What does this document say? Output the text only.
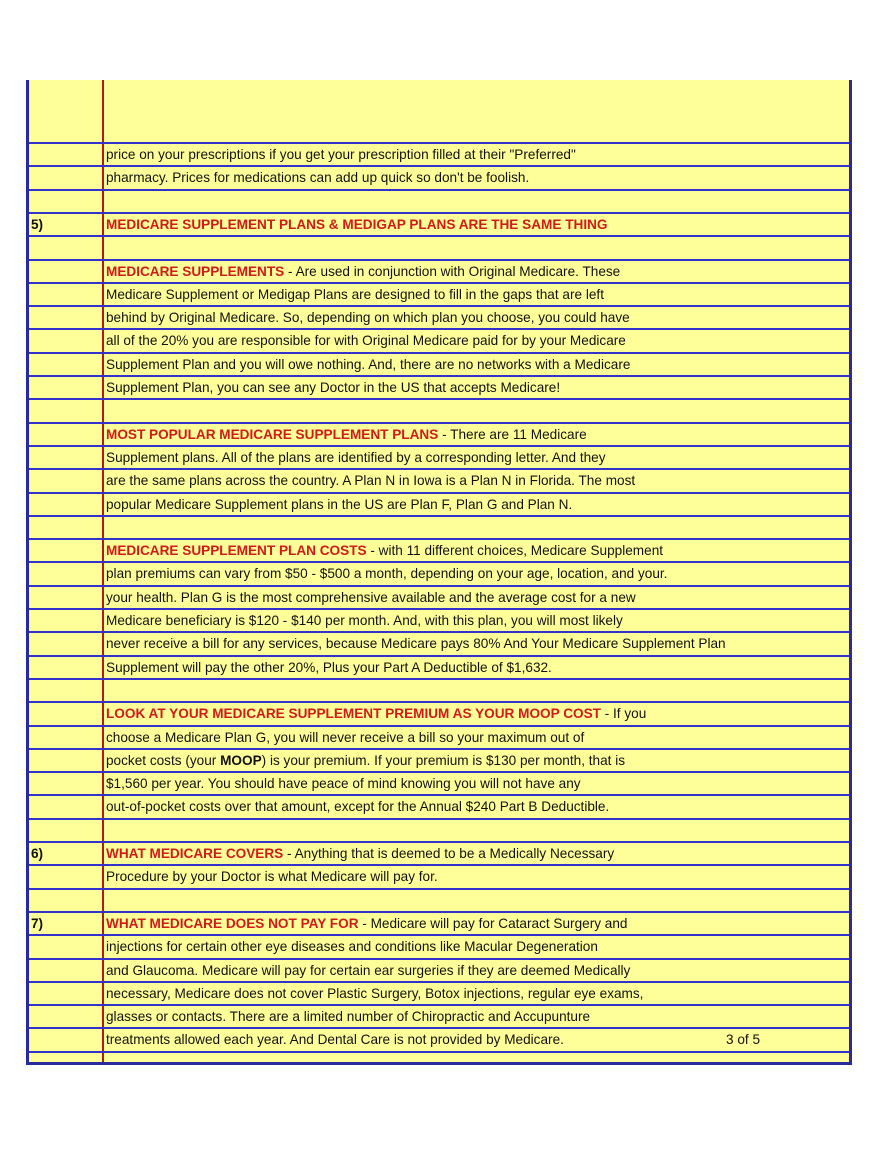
price on your prescriptions if you get your prescription filled at their "Preferred"
pharmacy. Prices for medications can add up quick so don't be foolish.
5)	MEDICARE SUPPLEMENT PLANS & MEDIGAP PLANS ARE THE SAME THING
MEDICARE SUPPLEMENTS - Are used in conjunction with Original Medicare. These
Medicare Supplement or Medigap Plans are designed to fill in the gaps that are left
behind by Original Medicare. So, depending on which plan you choose, you could have
all of the 20% you are responsible for with Original Medicare paid for by your Medicare
Supplement Plan and you will owe nothing. And, there are no networks with a Medicare
Supplement Plan, you can see any Doctor in the US that accepts Medicare!
MOST POPULAR MEDICARE SUPPLEMENT PLANS - There are 11 Medicare
Supplement plans. All of the plans are identified by a corresponding letter. And they
are the same plans across the country. A Plan N in Iowa is a Plan N in Florida. The most
popular Medicare Supplement plans in the US are Plan F, Plan G and Plan N.
MEDICARE SUPPLEMENT PLAN COSTS - with 11 different choices, Medicare Supplement
plan premiums can vary from $50 - $500 a month, depending on your age, location, and your.
your health. Plan G is the most comprehensive available and the average cost for a new
Medicare beneficiary is $120 - $140 per month. And, with this plan, you will most likely
never receive a bill for any services, because Medicare pays 80% And Your Medicare Supplement Plan
Supplement will pay the other 20%, Plus your Part A Deductible of $1,632.
LOOK AT YOUR MEDICARE SUPPLEMENT PREMIUM AS YOUR MOOP COST - If you
choose a Medicare Plan G, you will never receive a bill so your maximum out of
pocket costs (your MOOP) is your premium. If your premium is $130 per month, that is
$1,560 per year. You should have peace of mind knowing you will not have any
out-of-pocket costs over that amount, except for the Annual $240 Part B Deductible.
6)	WHAT MEDICARE COVERS - Anything that is deemed to be a Medically Necessary
Procedure by your Doctor is what Medicare will pay for.
7)	WHAT MEDICARE DOES NOT PAY FOR - Medicare will pay for Cataract Surgery and
injections for certain other eye diseases and conditions like Macular Degeneration
and Glaucoma. Medicare will pay for certain ear surgeries if they are deemed Medically
necessary, Medicare does not cover Plastic Surgery, Botox injections, regular eye exams,
glasses or contacts. There are a limited number of Chiropractic and Accupunture
treatments allowed each year. And Dental Care is not provided by Medicare.	3 of 5
